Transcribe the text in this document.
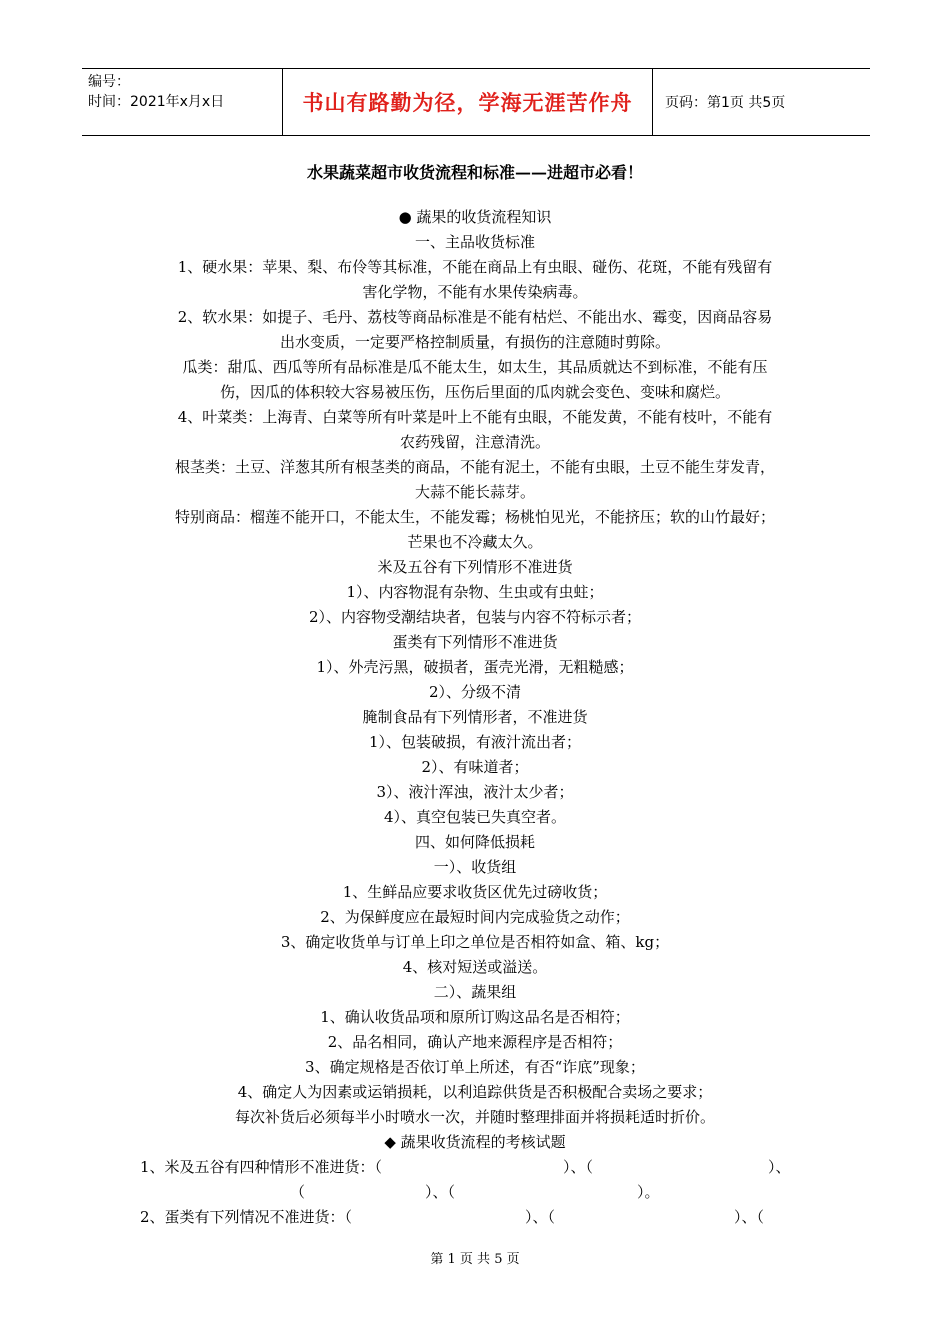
编号：
时间：2021年x月x日	书山有路勤为径，学海无涯苦作舟 页码：第1页 共5页
水果蔬菜超市收货流程和标准——进超市必看！

● 蔬果的收货流程知识

一、主品收货标准

1、硬水果：苹果、梨、布伶等其标准，不能在商品上有虫眼、碰伤、花斑，不能有残留有

害化学物，不能有水果传染病毒。

2、软水果：如提子、毛丹、荔枝等商品标准是不能有枯烂、不能出水、霉变，因商品容易

出水变质，一定要严格控制质量，有损伤的注意随时剪除。

瓜类：甜瓜、西瓜等所有品标准是瓜不能太生，如太生，其品质就达不到标准，不能有压

伤，因瓜的体积较大容易被压伤，压伤后里面的瓜肉就会变色、变味和腐烂。

4、叶菜类：上海青、白菜等所有叶菜是叶上不能有虫眼，不能发黄，不能有枝叶，不能有

农药残留，注意清洗。

根茎类：土豆、洋葱其所有根茎类的商品，不能有泥土，不能有虫眼，土豆不能生芽发青，

大蒜不能长蒜芽。

特别商品：榴莲不能开口，不能太生，不能发霉；杨桃怕见光，不能挤压；软的山竹最好；

芒果也不冷藏太久。

米及五谷有下列情形不准进货

1）、内容物混有杂物、生虫或有虫蛀；

2）、内容物受潮结块者，包装与内容不符标示者；

蛋类有下列情形不准进货

1）、外壳污黑，破损者，蛋壳光滑，无粗糙感；

2）、分级不清

腌制食品有下列情形者，不准进货

1）、包装破损，有液汁流出者；

2）、有味道者；

3）、液汁浑浊，液汁太少者；

4）、真空包装已失真空者。

四、如何降低损耗

一）、收货组

1、生鲜品应要求收货区优先过磅收货；

2、为保鲜度应在最短时间内完成验货之动作；

3、确定收货单与订单上印之单位是否相符如盒、箱、kg；

4、核对短送或溢送。

二）、蔬果组

1、确认收货品项和原所订购这品名是否相符；

2、品名相同，确认产地来源程序是否相符；

3、确定规格是否依订单上所述，有否“诈底”现象；

4、确定人为因素或运销损耗，以利追踪供货是否积极配合卖场之要求；

每次补货后必须每半小时喷水一次，并随时整理排面并将损耗适时折价。

◆ 蔬果收货流程的考核试题

1、米及五谷有四种情形不准进货：（	）、（	）、
（	）、（	）。
2、蛋类有下列情况不准进货：（	）、（	）、（
第 1 页 共 5 页
